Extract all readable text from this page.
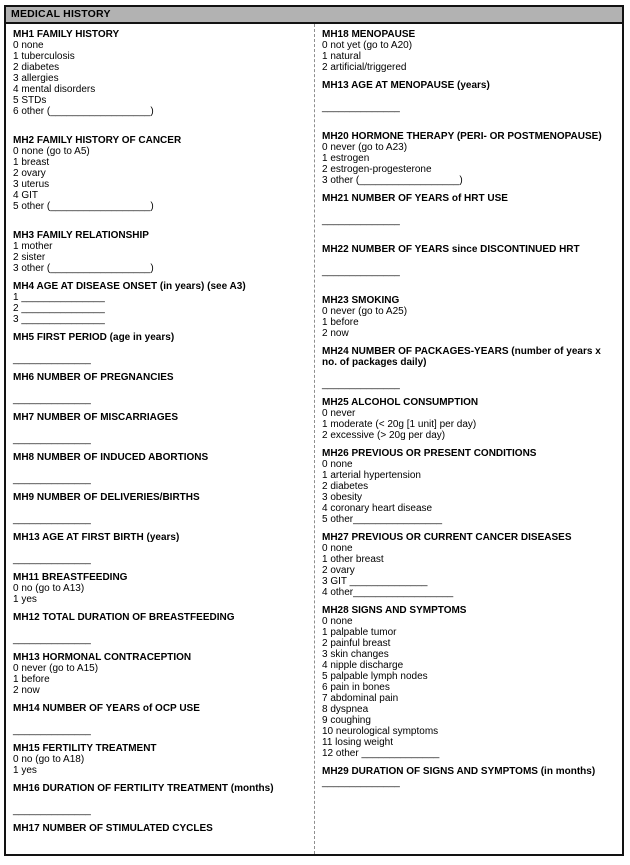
MEDICAL HISTORY
MH1 FAMILY HISTORY
0 none
1 tuberculosis
2 diabetes
3 allergies
4 mental disorders
5 STDs
6 other (__________________)

MH2 FAMILY HISTORY OF CANCER
0 none (go to A5)
1 breast
2 ovary
3 uterus
4 GIT
5 other (__________________)

MH3 FAMILY RELATIONSHIP
1 mother
2 sister
3 other (__________________)
MH4 AGE AT DISEASE ONSET (in years) (see A3)
1 _______________
2 _______________
3 _______________
MH5 FIRST PERIOD (age in years)

______________
MH6 NUMBER OF PREGNANCIES

______________
MH7 NUMBER OF MISCARRIAGES

______________
MH8 NUMBER OF INDUCED ABORTIONS

______________
MH9 NUMBER OF DELIVERIES/BIRTHS

______________
MH13 AGE AT FIRST BIRTH (years)

______________
MH11 BREASTFEEDING
0 no (go to A13)
1 yes
MH12 TOTAL DURATION OF BREASTFEEDING

______________
MH13 HORMONAL CONTRACEPTION
0 never (go to A15)
1 before
2 now
MH14 NUMBER OF YEARS of OCP USE

______________
MH15 FERTILITY TREATMENT
0 no (go to A18)
1 yes
MH16 DURATION OF FERTILITY TREATMENT (months)

______________
MH17 NUMBER OF STIMULATED CYCLES

______________
MH18 MENOPAUSE
0 not yet (go to A20)
1 natural
2 artificial/triggered
MH13 AGE AT MENOPAUSE (years)

______________

MH20 HORMONE THERAPY (PERI- OR POSTMENOPAUSE)
0 never (go to A23)
1 estrogen
2 estrogen-progesterone
3 other (__________________)
MH21 NUMBER OF YEARS of HRT USE

______________

MH22 NUMBER OF YEARS since DISCONTINUED HRT

______________

MH23 SMOKING
0 never (go to A25)
1 before
2 now
MH24 NUMBER OF PACKAGES-YEARS (number of years x no. of packages daily)

______________
MH25 ALCOHOL CONSUMPTION
0 never
1 moderate (< 20g [1 unit] per day)
2 excessive (> 20g per day)
MH26 PREVIOUS OR PRESENT CONDITIONS
0 none
1 arterial hypertension
2 diabetes
3 obesity
4 coronary heart disease
5 other________________
MH27 PREVIOUS OR CURRENT CANCER DISEASES
0 none
1 other breast
2 ovary
3 GIT ______________
4 other__________________
MH28 SIGNS AND SYMPTOMS
0 none
1 palpable tumor
2 painful breast
3 skin changes
4 nipple discharge
5 palpable lymph nodes
6 pain in bones
7 abdominal pain
8 dyspnea
9 coughing
10 neurological symptoms
11 losing weight
12 other ______________
MH29 DURATION OF SIGNS AND SYMPTOMS (in months)
______________
